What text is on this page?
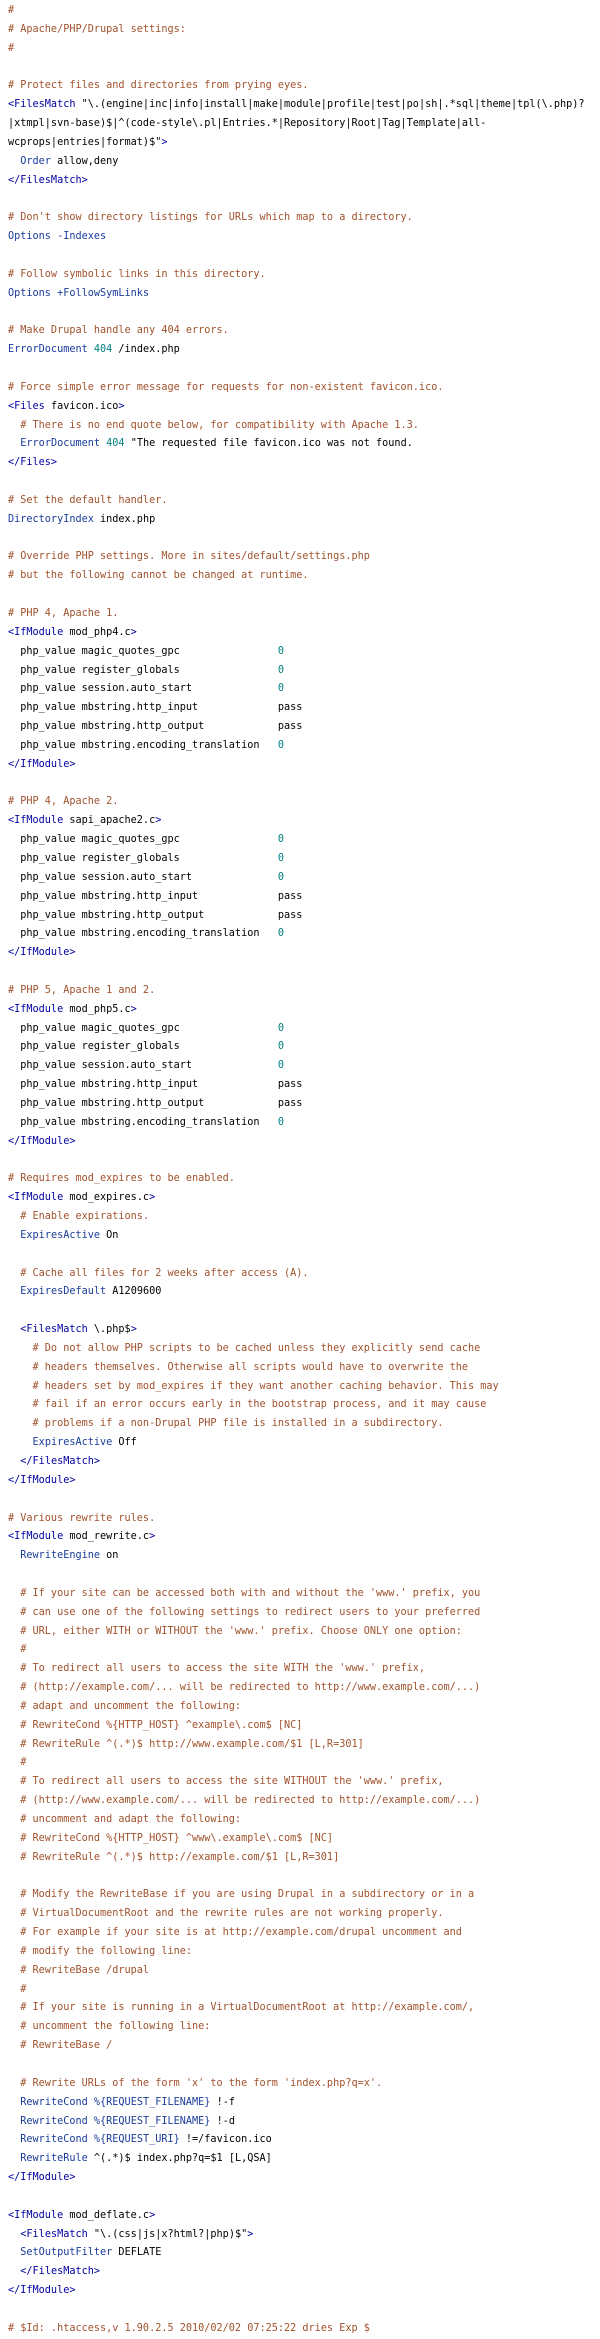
#
# Apache/PHP/Drupal settings:
#
# Protect files and directories from prying eyes.
<FilesMatch "\.(engine|inc|info|install|make|module|profile|test|po|sh|.*sql|theme|tpl(\.php)?
|xtmpl|svn-base)$|^(code-style\.pl|Entries.*|Repository|Root|Tag|Template|all-
wcprops|entries|format)$">
Order allow,deny
</FilesMatch>
# Don't show directory listings for URLs which map to a directory.
Options -Indexes
# Follow symbolic links in this directory.
Options +FollowSymLinks
# Make Drupal handle any 404 errors.
ErrorDocument 404 /index.php
# Force simple error message for requests for non-existent favicon.ico.
<Files favicon.ico>
# There is no end quote below, for compatibility with Apache 1.3.
ErrorDocument 404 "The requested file favicon.ico was not found.
</Files>
# Set the default handler.
DirectoryIndex index.php
# Override PHP settings. More in sites/default/settings.php
# but the following cannot be changed at runtime.
# PHP 4, Apache 1.
<IfModule mod_php4.c>
php_value magic_quotes_gpc                0
php_value register_globals                0
php_value session.auto_start              0
php_value mbstring.http_input             pass
php_value mbstring.http_output            pass
php_value mbstring.encoding_translation   0
</IfModule>
# PHP 4, Apache 2.
<IfModule sapi_apache2.c>
php_value magic_quotes_gpc                0
php_value register_globals                0
php_value session.auto_start              0
php_value mbstring.http_input             pass
php_value mbstring.http_output            pass
php_value mbstring.encoding_translation   0
</IfModule>
# PHP 5, Apache 1 and 2.
<IfModule mod_php5.c>
php_value magic_quotes_gpc                0
php_value register_globals                0
php_value session.auto_start              0
php_value mbstring.http_input             pass
php_value mbstring.http_output            pass
php_value mbstring.encoding_translation   0
</IfModule>
# Requires mod_expires to be enabled.
<IfModule mod_expires.c>
# Enable expirations.
ExpiresActive On
# Cache all files for 2 weeks after access (A).
ExpiresDefault A1209600
<FilesMatch \.php$>
# Do not allow PHP scripts to be cached unless they explicitly send cache
# headers themselves. Otherwise all scripts would have to overwrite the
# headers set by mod_expires if they want another caching behavior. This may
# fail if an error occurs early in the bootstrap process, and it may cause
# problems if a non-Drupal PHP file is installed in a subdirectory.
ExpiresActive Off
</FilesMatch>
</IfModule>
# Various rewrite rules.
<IfModule mod_rewrite.c>
RewriteEngine on
# If your site can be accessed both with and without the 'www.' prefix, you
# can use one of the following settings to redirect users to your preferred
# URL, either WITH or WITHOUT the 'www.' prefix. Choose ONLY one option:
#
# To redirect all users to access the site WITH the 'www.' prefix,
# (http://example.com/... will be redirected to http://www.example.com/...)
# adapt and uncomment the following:
# RewriteCond %{HTTP_HOST} ^example\.com$ [NC]
# RewriteRule ^(.*)$ http://www.example.com/$1 [L,R=301]
#
# To redirect all users to access the site WITHOUT the 'www.' prefix,
# (http://www.example.com/... will be redirected to http://example.com/...)
# uncomment and adapt the following:
# RewriteCond %{HTTP_HOST} ^www\.example\.com$ [NC]
# RewriteRule ^(.*)$ http://example.com/$1 [L,R=301]
# Modify the RewriteBase if you are using Drupal in a subdirectory or in a
# VirtualDocumentRoot and the rewrite rules are not working properly.
# For example if your site is at http://example.com/drupal uncomment and
# modify the following line:
# RewriteBase /drupal
#
# If your site is running in a VirtualDocumentRoot at http://example.com/,
# uncomment the following line:
# RewriteBase /
# Rewrite URLs of the form 'x' to the form 'index.php?q=x'.
RewriteCond %{REQUEST_FILENAME} !-f
RewriteCond %{REQUEST_FILENAME} !-d
RewriteCond %{REQUEST_URI} !=/favicon.ico
RewriteRule ^(.*)$ index.php?q=$1 [L,QSA]
</IfModule>
<IfModule mod_deflate.c>
<FilesMatch "\.(css|js|x?html?|php)$">
SetOutputFilter DEFLATE
</FilesMatch>
</IfModule>
# $Id: .htaccess,v 1.90.2.5 2010/02/02 07:25:22 dries Exp $
